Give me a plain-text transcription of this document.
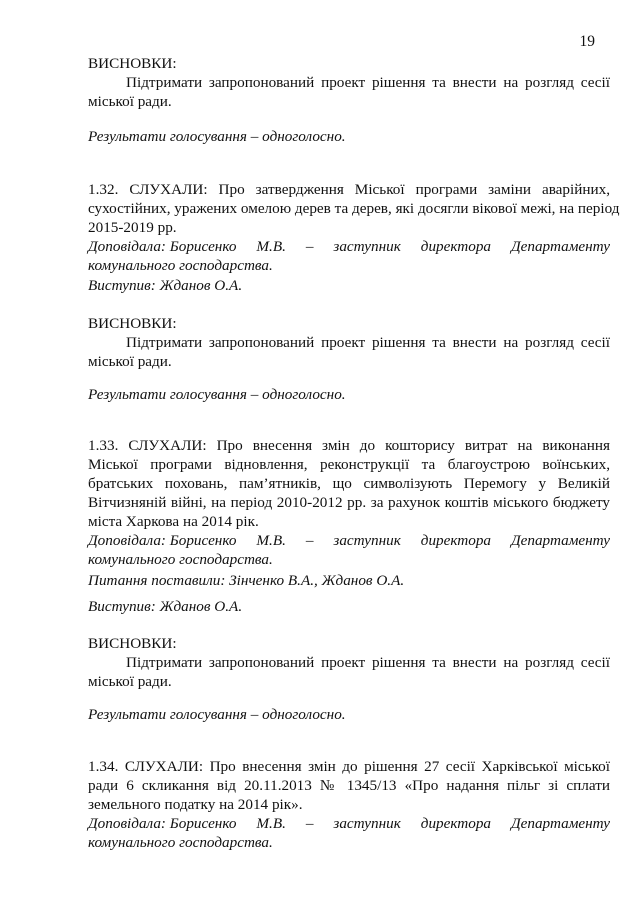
19
ВИСНОВКИ:
Підтримати запропонований проект рішення та внести на розгляд сесії
міської ради.
Результати голосування – одноголосно.
1.32. СЛУХАЛИ: Про затвердження Міської програми заміни аварійних,
сухостійних, уражених омелою дерев та дерев, які досягли вікової межі, на період
2015-2019 рр.
Доповідала: Борисенко М.В. – заступник директора Департаменту
комунального господарства.
Виступив: Жданов О.А.
ВИСНОВКИ:
Підтримати запропонований проект рішення та внести на розгляд сесії
міської ради.
Результати голосування – одноголосно.
1.33. СЛУХАЛИ: Про внесення змін до кошторису витрат на виконання
Міської програми відновлення, реконструкції та благоустрою воїнських,
братських поховань, пам’ятників, що символізують Перемогу у Великій
Вітчизняній війні, на період 2010-2012 рр. за рахунок коштів міського бюджету
міста Харкова на 2014 рік.
Доповідала: Борисенко М.В. – заступник директора Департаменту
комунального господарства.
Питання поставили: Зінченко В.А., Жданов О.А.
Виступив: Жданов О.А.
ВИСНОВКИ:
Підтримати запропонований проект рішення та внести на розгляд сесії
міської ради.
Результати голосування – одноголосно.
1.34. СЛУХАЛИ: Про внесення змін до рішення 27 сесії Харківської міської
ради 6 скликання від 20.11.2013 № 1345/13 «Про надання пільг зі сплати
земельного податку на 2014 рік».
Доповідала: Борисенко М.В. – заступник директора Департаменту
комунального господарства.
